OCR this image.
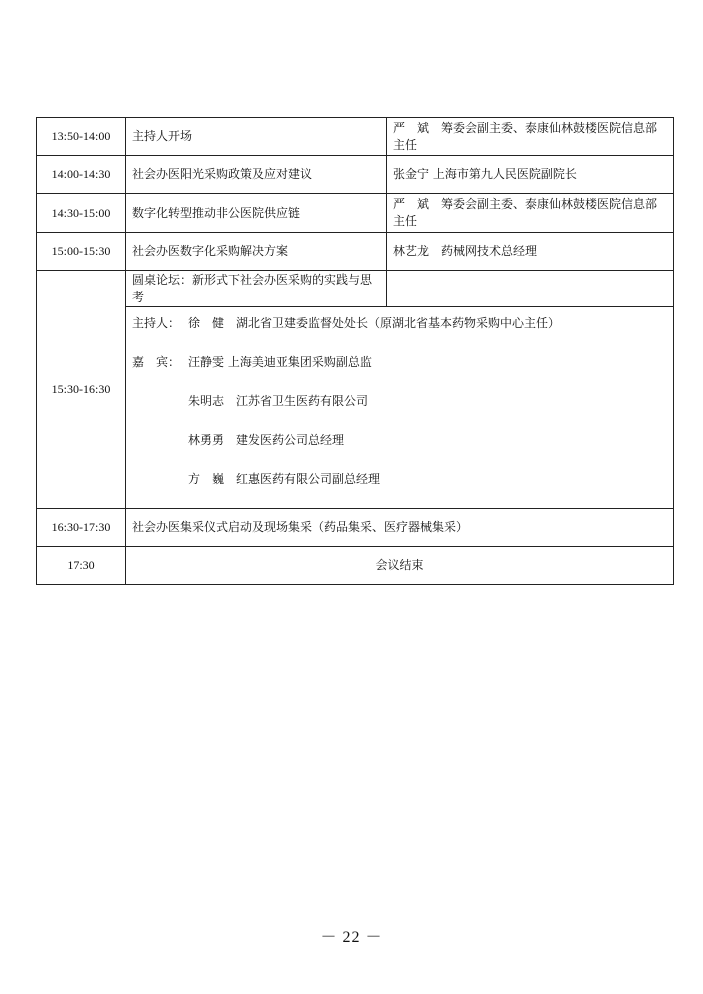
13:50-14:00	主持人开场	严　斌　筹委会副主委、泰康仙林鼓楼医院信息部主任
14:00-14:30	社会办医阳光采购政策及应对建议	张金宁 上海市第九人民医院副院长
14:30-15:00	数字化转型推动非公医院供应链	严　斌　筹委会副主委、泰康仙林鼓楼医院信息部主任
15:00-15:30	社会办医数字化采购解决方案	林艺龙　药械网技术总经理
15:30-16:30	圆桌论坛：新形式下社会办医采购的实践与思考	

	主持人： 徐　健　湖北省卫建委监督处处长（原湖北省基本药物采购中心主任）
嘉　宾： 汪静雯 上海美迪亚集团采购副总监
朱明志　江苏省卫生医药有限公司
林勇勇　建发医药公司总经理
方　巍　红惠医药有限公司副总经理	

16:30-17:30	社会办医集采仪式启动及现场集采（药品集采、医疗器械集采）	
17:30	会议结束	
－ 22 －
